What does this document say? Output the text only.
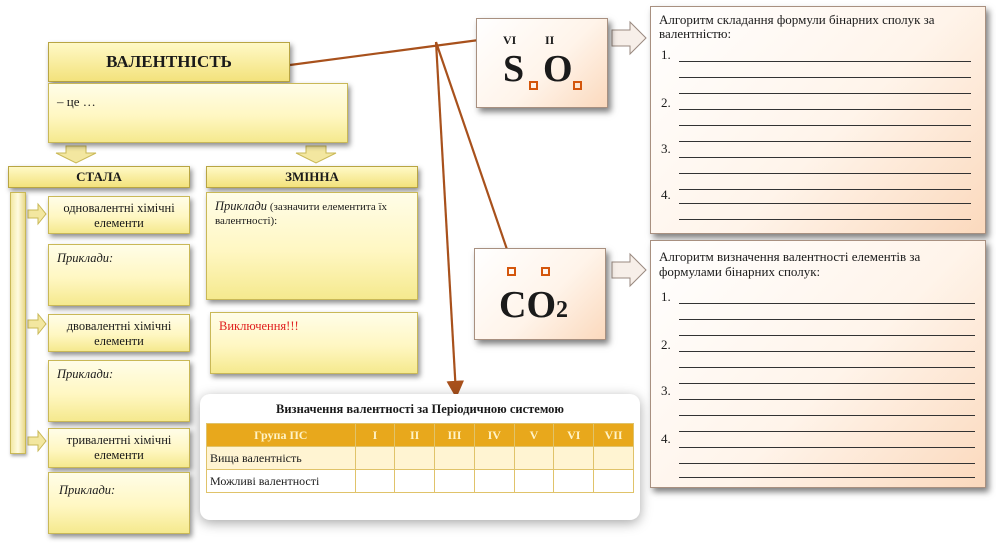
ВАЛЕНТНІСТЬ
– це …
СТАЛА	ЗМІННА
одновалентні хімічні елементи
Приклади:
двовалентні хімічні елементи
Приклади:
тривалентні хімічні елементи
Приклади:
Приклади (зазначити елементита їх валентності):
Виключення!!!
Визначення валентності за Періодичною системою
Група ПС	I	II	III	IV	V	VI	VII
Вища валентність							
Можливі валентності							
VI II
S O
CO2
Алгоритм складання формули бінарних сполук за валентністю:
1.
2.
3.
4.
Алгоритм визначення валентності елементів за формулами бінарних сполук:
1.
2.
3.
4.
